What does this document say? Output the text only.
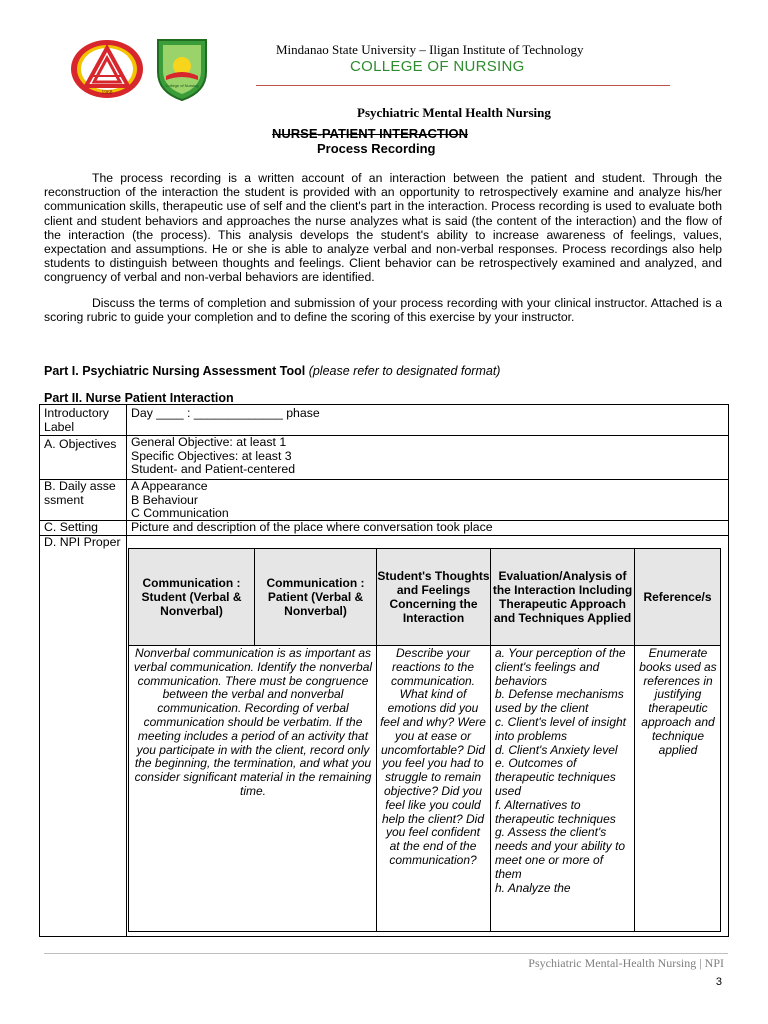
1968
College of Nursing
Mindanao State University – Iligan Institute of Technology
COLLEGE OF NURSING
Psychiatric Mental Health Nursing
NURSE-PATIENT INTERACTION
Process Recording

The process recording is a written account of an interaction between the patient and student. Through the reconstruction of the interaction the student is provided with an opportunity to retrospectively examine and analyze his/her communication skills, therapeutic use of self and the client's part in the interaction. Process recording is used to evaluate both client and student behaviors and approaches the nurse analyzes what is said (the content of the interaction) and the flow of the interaction (the process). This analysis develops the student's ability to increase awareness of feelings, values, expectation and assumptions. He or she is able to analyze verbal and non-verbal responses. Process recordings also help students to distinguish between thoughts and feelings. Client behavior can be retrospectively examined and analyzed, and congruency of verbal and non-verbal behaviors are identified.

Discuss the terms of completion and submission of your process recording with your clinical instructor. Attached is a scoring rubric to guide your completion and to define the scoring of this exercise by your instructor.

Part I. Psychiatric Nursing Assessment Tool (please refer to designated format)
Part II. Nurse Patient Interaction
Introductory Label
Day ____ : _____________ phase
A. Objectives	General Objective: at least 1
Specific Objectives: at least 3
Student- and Patient-centered
B. Daily assessment
A Appearance
B Behaviour
C Communication
C. Setting	Picture and description of the place where conversation took place
D. NPI Proper
Communication : Student (Verbal & Nonverbal)
Communication : Patient (Verbal & Nonverbal)
Student's Thoughts and Feelings Concerning the Interaction
Evaluation/Analysis of the Interaction Including Therapeutic Approach and Techniques Applied
Reference/s
Nonverbal communication is as important as verbal communication. Identify the nonverbal communication. There must be congruence between the verbal and nonverbal communication. Recording of verbal communication should be verbatim. If the meeting includes a period of an activity that you participate in with the client, record only the beginning, the termination, and what you consider significant material in the remaining time.
Describe your reactions to the communication. What kind of emotions did you feel and why? Were you at ease or uncomfortable? Did you feel you had to struggle to remain objective? Did you feel like you could help the client? Did you feel confident at the end of the communication?
a. Your perception of the client's feelings and behaviors
b. Defense mechanisms used by the client
c. Client's level of insight into problems
d. Client's Anxiety level
e. Outcomes of therapeutic techniques used
f. Alternatives to therapeutic techniques
g. Assess the client's needs and your ability to meet one or more of them
h. Analyze the
Enumerate books used as references in justifying therapeutic approach and technique applied
Psychiatric Mental-Health Nursing | NPI
3
